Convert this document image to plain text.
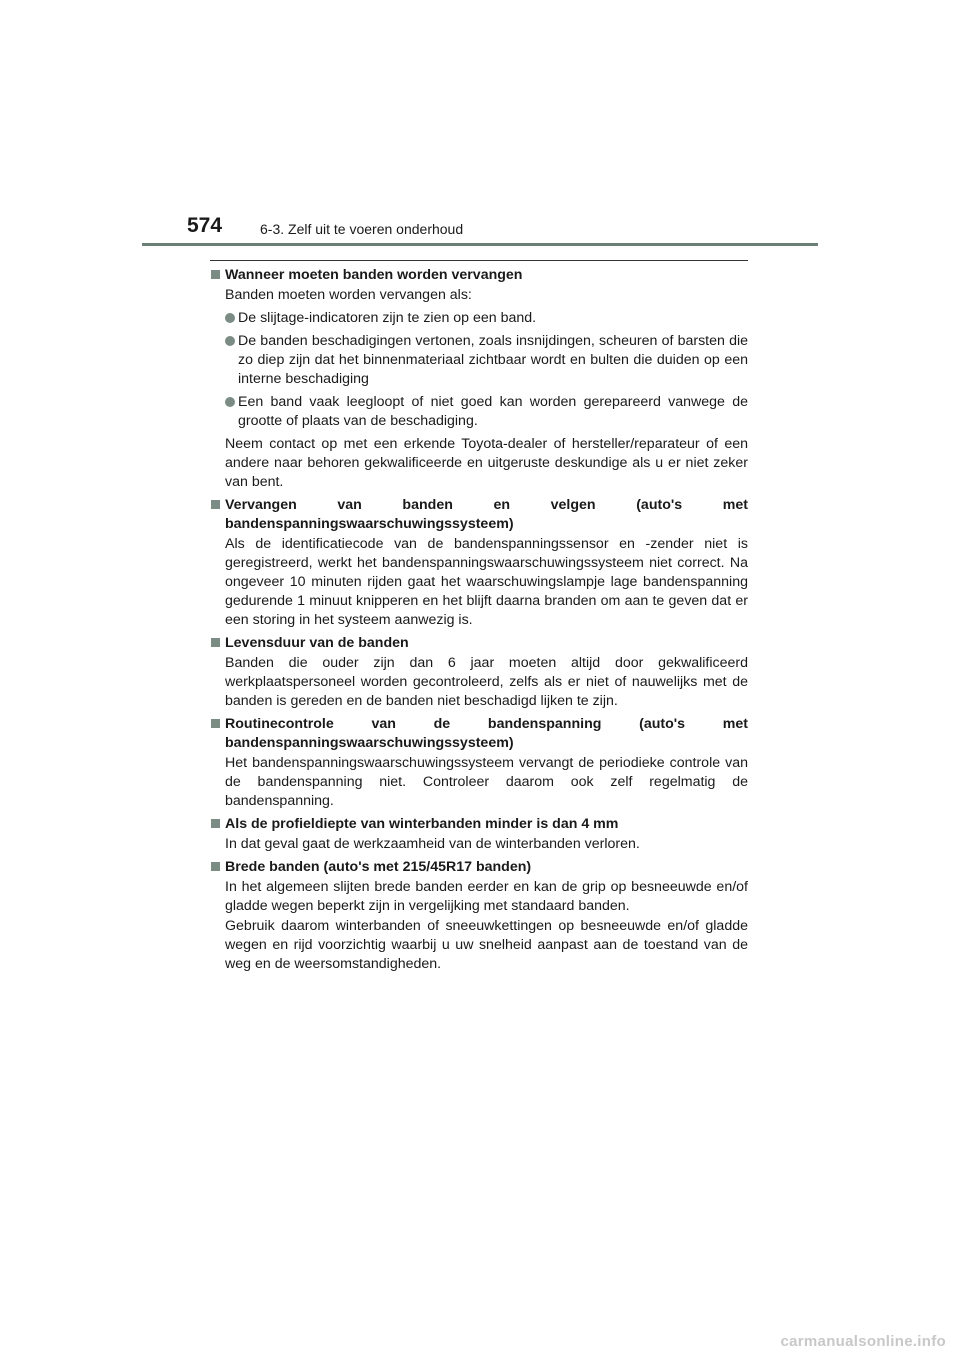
574	6-3. Zelf uit te voeren onderhoud
Wanneer moeten banden worden vervangen
Banden moeten worden vervangen als:
De slijtage-indicatoren zijn te zien op een band.
De banden beschadigingen vertonen, zoals insnijdingen, scheuren of barsten die zo diep zijn dat het binnenmateriaal zichtbaar wordt en bulten die duiden op een interne beschadiging
Een band vaak leegloopt of niet goed kan worden gerepareerd vanwege de grootte of plaats van de beschadiging.
Neem contact op met een erkende Toyota-dealer of hersteller/reparateur of een andere naar behoren gekwalificeerde en uitgeruste deskundige als u er niet zeker van bent.
Vervangen van banden en velgen (auto's met bandenspanningswaarschuwingssysteem)
Als de identificatiecode van de bandenspanningssensor en -zender niet is geregistreerd, werkt het bandenspanningswaarschuwingssysteem niet correct. Na ongeveer 10 minuten rijden gaat het waarschuwingslampje lage bandenspanning gedurende 1 minuut knipperen en het blijft daarna branden om aan te geven dat er een storing in het systeem aanwezig is.
Levensduur van de banden
Banden die ouder zijn dan 6 jaar moeten altijd door gekwalificeerd werkplaatspersoneel worden gecontroleerd, zelfs als er niet of nauwelijks met de banden is gereden en de banden niet beschadigd lijken te zijn.
Routinecontrole van de bandenspanning (auto's met bandenspanningswaarschuwingssysteem)
Het bandenspanningswaarschuwingssysteem vervangt de periodieke controle van de bandenspanning niet. Controleer daarom ook zelf regelmatig de bandenspanning.
Als de profieldiepte van winterbanden minder is dan 4 mm
In dat geval gaat de werkzaamheid van de winterbanden verloren.
Brede banden (auto's met 215/45R17 banden)
In het algemeen slijten brede banden eerder en kan de grip op besneeuwde en/of gladde wegen beperkt zijn in vergelijking met standaard banden.
Gebruik daarom winterbanden of sneeuwkettingen op besneeuwde en/of gladde wegen en rijd voorzichtig waarbij u uw snelheid aanpast aan de toestand van de weg en de weersomstandigheden.
carmanualsonline.info
